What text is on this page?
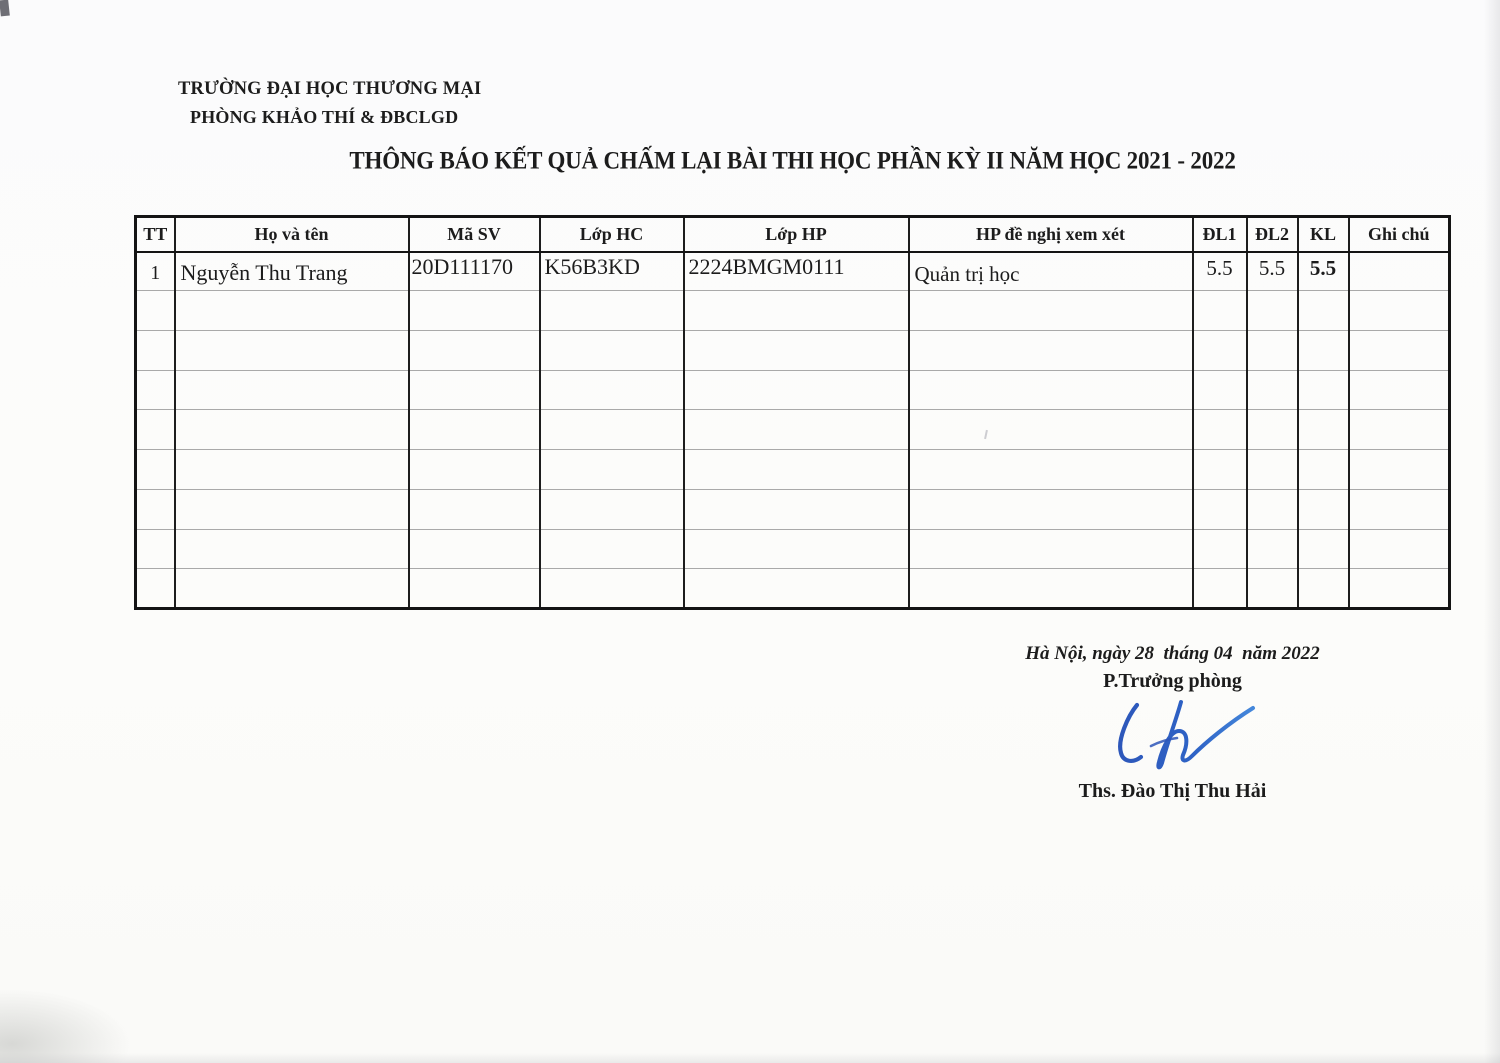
TRƯỜNG ĐẠI HỌC THƯƠNG MẠI
PHÒNG KHẢO THÍ & ĐBCLGD
THÔNG BÁO KẾT QUẢ CHẤM LẠI BÀI THI HỌC PHẦN KỲ II NĂM HỌC 2021 - 2022
TT	Họ và tên	Mã SV	Lớp HC	Lớp HP	HP đề nghị xem xét	ĐL1	ĐL2	KL	Ghi chú
1	Nguyễn Thu Trang	20D111170	K56B3KD	2224BMGM0111	Quản trị học	5.5	5.5	5.5	

Hà Nội, ngày 28  tháng 04  năm 2022
P.Trưởng phòng
Ths. Đào Thị Thu Hải
